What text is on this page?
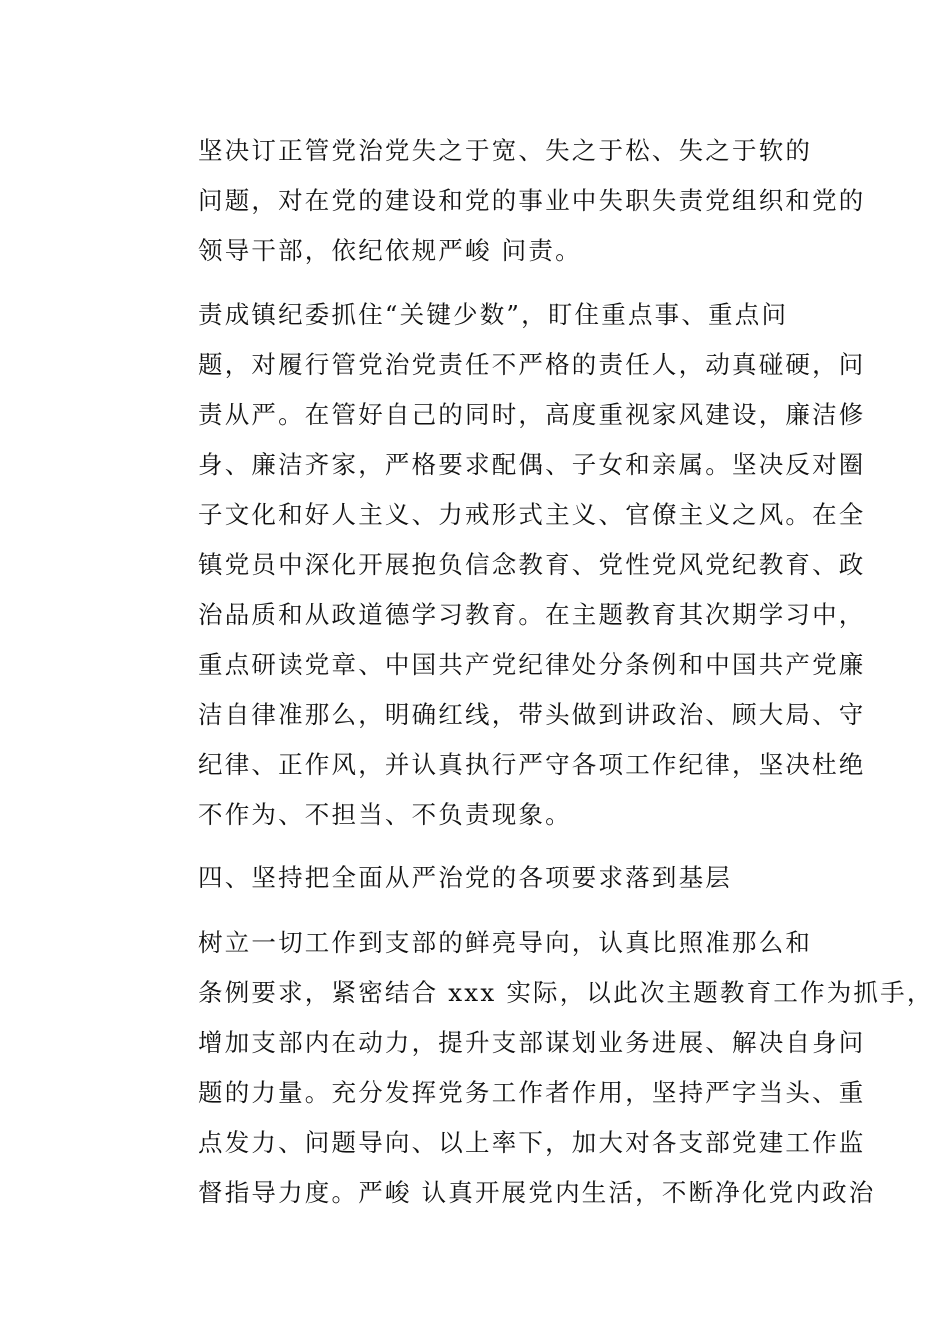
坚决订正管党治党失之于宽、失之于松、失之于软的
问题，对在党的建设和党的事业中失职失责党组织和党的
领导干部，依纪依规严峻 问责。
责成镇纪委抓住“关键少数”，盯住重点事、重点问
题，对履行管党治党责任不严格的责任人，动真碰硬，问
责从严。在管好自己的同时，高度重视家风建设，廉洁修
身、廉洁齐家，严格要求配偶、子女和亲属。坚决反对圈
子文化和好人主义、力戒形式主义、官僚主义之风。在全
镇党员中深化开展抱负信念教育、党性党风党纪教育、政
治品质和从政道德学习教育。在主题教育其次期学习中，
重点研读党章、中国共产党纪律处分条例和中国共产党廉
洁自律准那么，明确红线，带头做到讲政治、顾大局、守
纪律、正作风，并认真执行严守各项工作纪律，坚决杜绝
不作为、不担当、不负责现象。
四、坚持把全面从严治党的各项要求落到基层
树立一切工作到支部的鲜亮导向，认真比照准那么和
条例要求，紧密结合 xxx 实际，以此次主题教育工作为抓手，
增加支部内在动力，提升支部谋划业务进展、解决自身问
题的力量。充分发挥党务工作者作用，坚持严字当头、重
点发力、问题导向、以上率下，加大对各支部党建工作监
督指导力度。严峻 认真开展党内生活，不断净化党内政治
